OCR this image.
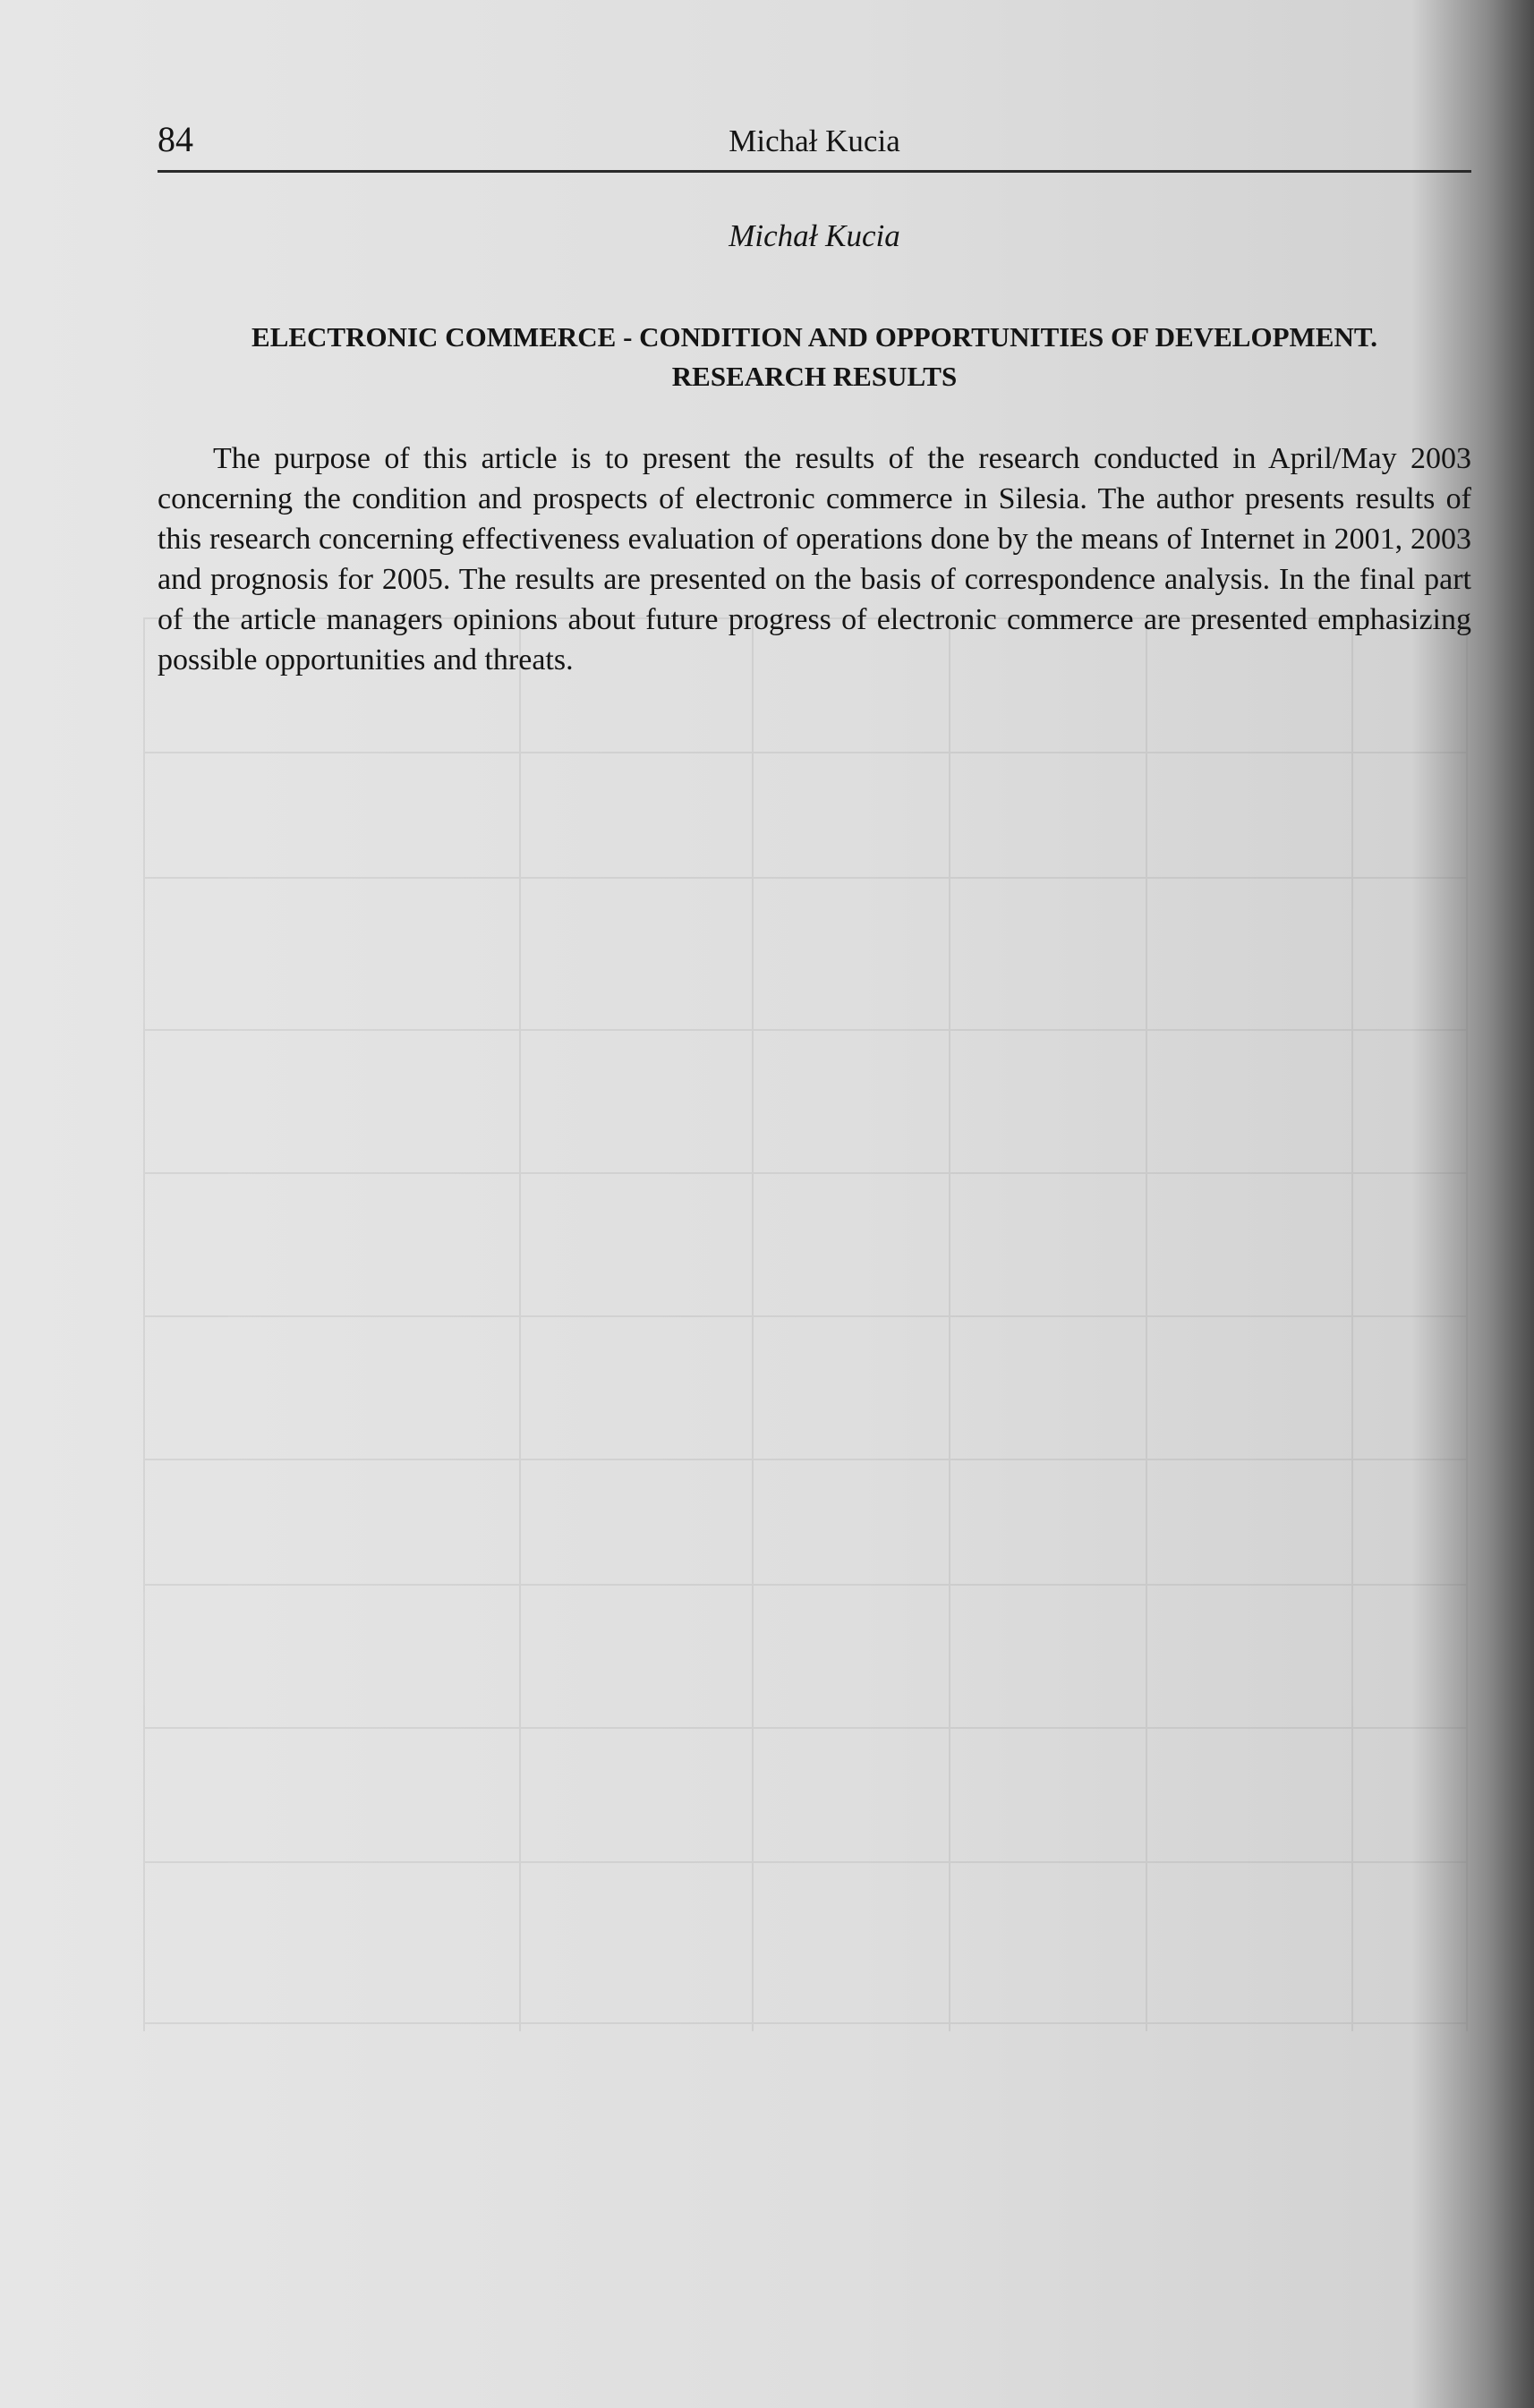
84	Michał Kucia
Michał Kucia
ELECTRONIC COMMERCE - CONDITION AND OPPORTUNITIES OF DEVELOPMENT.
RESEARCH RESULTS

The purpose of this article is to present the results of the research conducted in April/May 2003 concerning the condition and prospects of electronic commerce in Silesia. The author presents results of this research concerning effectiveness evaluation of operations done by the means of Internet in 2001, 2003 and prognosis for 2005. The results are presented on the basis of correspondence analysis. In the final part of the article managers opinions about future progress of electronic commerce are presented emphasizing possible opportunities and threats.
